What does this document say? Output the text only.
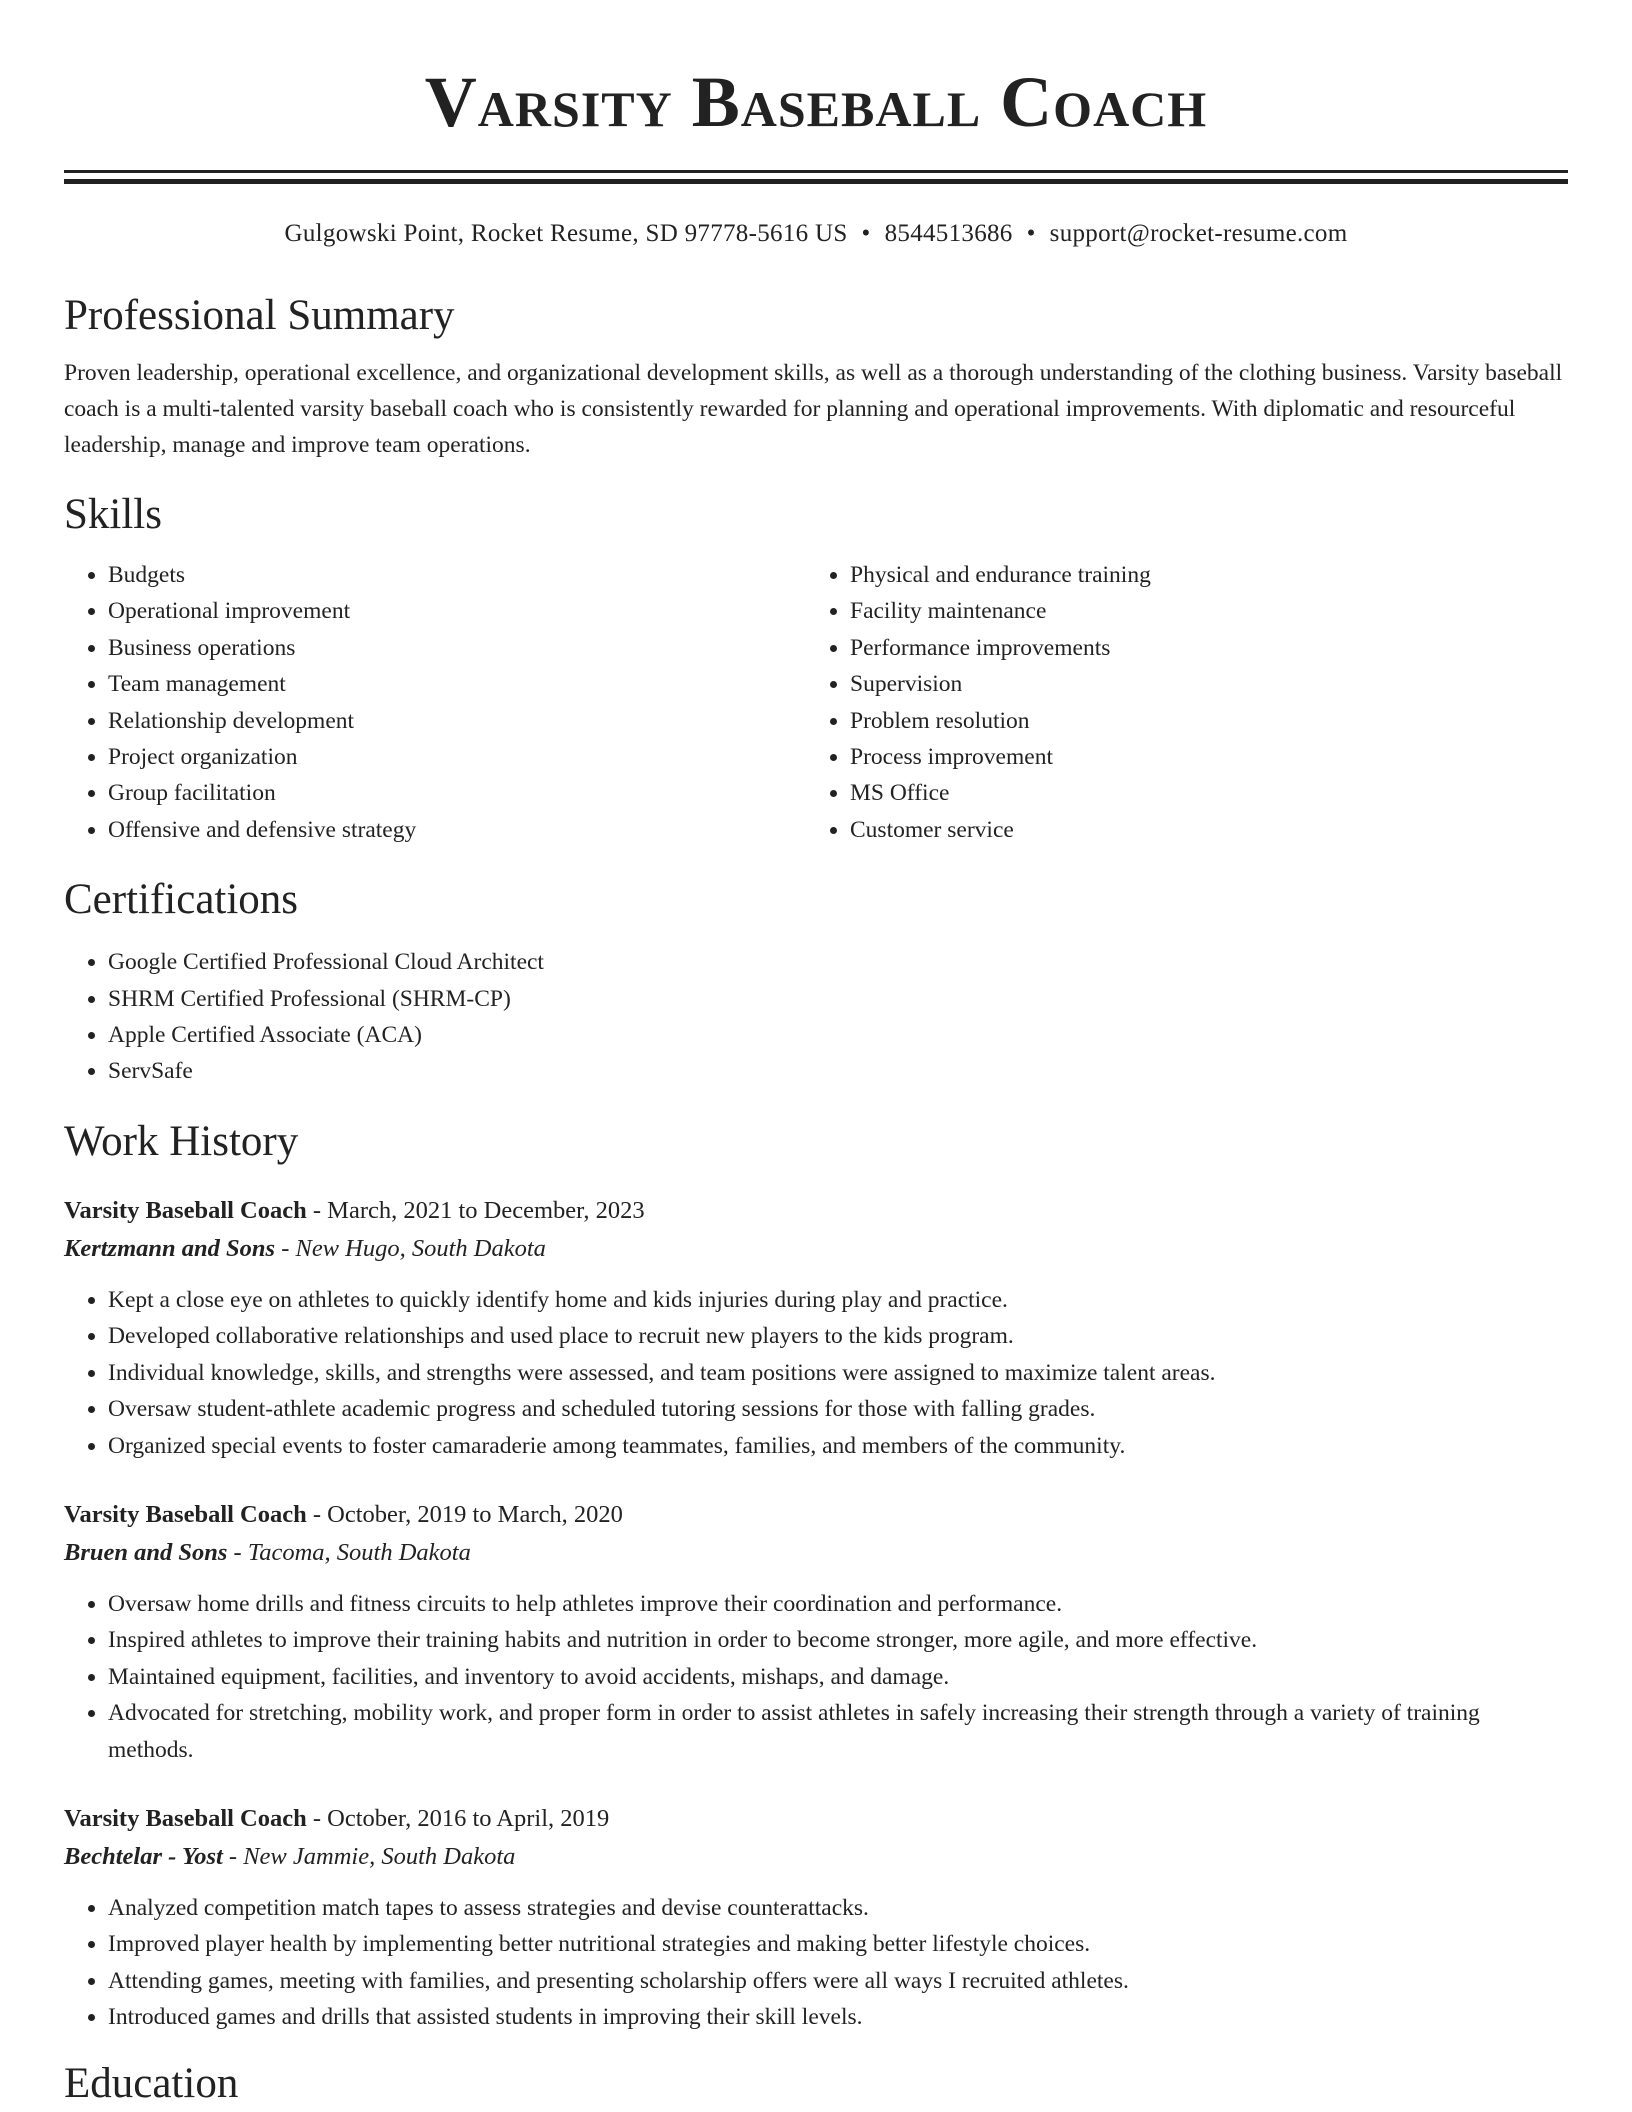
Varsity Baseball Coach
Gulgowski Point, Rocket Resume, SD 97778-5616 US • 8544513686 • support@rocket-resume.com
Professional Summary
Proven leadership, operational excellence, and organizational development skills, as well as a thorough understanding of the clothing business. Varsity baseball coach is a multi-talented varsity baseball coach who is consistently rewarded for planning and operational improvements. With diplomatic and resourceful leadership, manage and improve team operations.
Skills
• Budgets
• Operational improvement
• Business operations
• Team management
• Relationship development
• Project organization
• Group facilitation
• Offensive and defensive strategy
• Physical and endurance training
• Facility maintenance
• Performance improvements
• Supervision
• Problem resolution
• Process improvement
• MS Office
• Customer service
Certifications
• Google Certified Professional Cloud Architect
• SHRM Certified Professional (SHRM-CP)
• Apple Certified Associate (ACA)
• ServSafe
Work History
Varsity Baseball Coach - March, 2021 to December, 2023
Kertzmann and Sons - New Hugo, South Dakota
• Kept a close eye on athletes to quickly identify home and kids injuries during play and practice.
• Developed collaborative relationships and used place to recruit new players to the kids program.
• Individual knowledge, skills, and strengths were assessed, and team positions were assigned to maximize talent areas.
• Oversaw student-athlete academic progress and scheduled tutoring sessions for those with falling grades.
• Organized special events to foster camaraderie among teammates, families, and members of the community.
Varsity Baseball Coach - October, 2019 to March, 2020
Bruen and Sons - Tacoma, South Dakota
• Oversaw home drills and fitness circuits to help athletes improve their coordination and performance.
• Inspired athletes to improve their training habits and nutrition in order to become stronger, more agile, and more effective.
• Maintained equipment, facilities, and inventory to avoid accidents, mishaps, and damage.
• Advocated for stretching, mobility work, and proper form in order to assist athletes in safely increasing their strength through a variety of training methods.
Varsity Baseball Coach - October, 2016 to April, 2019
Bechtelar - Yost - New Jammie, South Dakota
• Analyzed competition match tapes to assess strategies and devise counterattacks.
• Improved player health by implementing better nutritional strategies and making better lifestyle choices.
• Attending games, meeting with families, and presenting scholarship offers were all ways I recruited athletes.
• Introduced games and drills that assisted students in improving their skill levels.
Education
